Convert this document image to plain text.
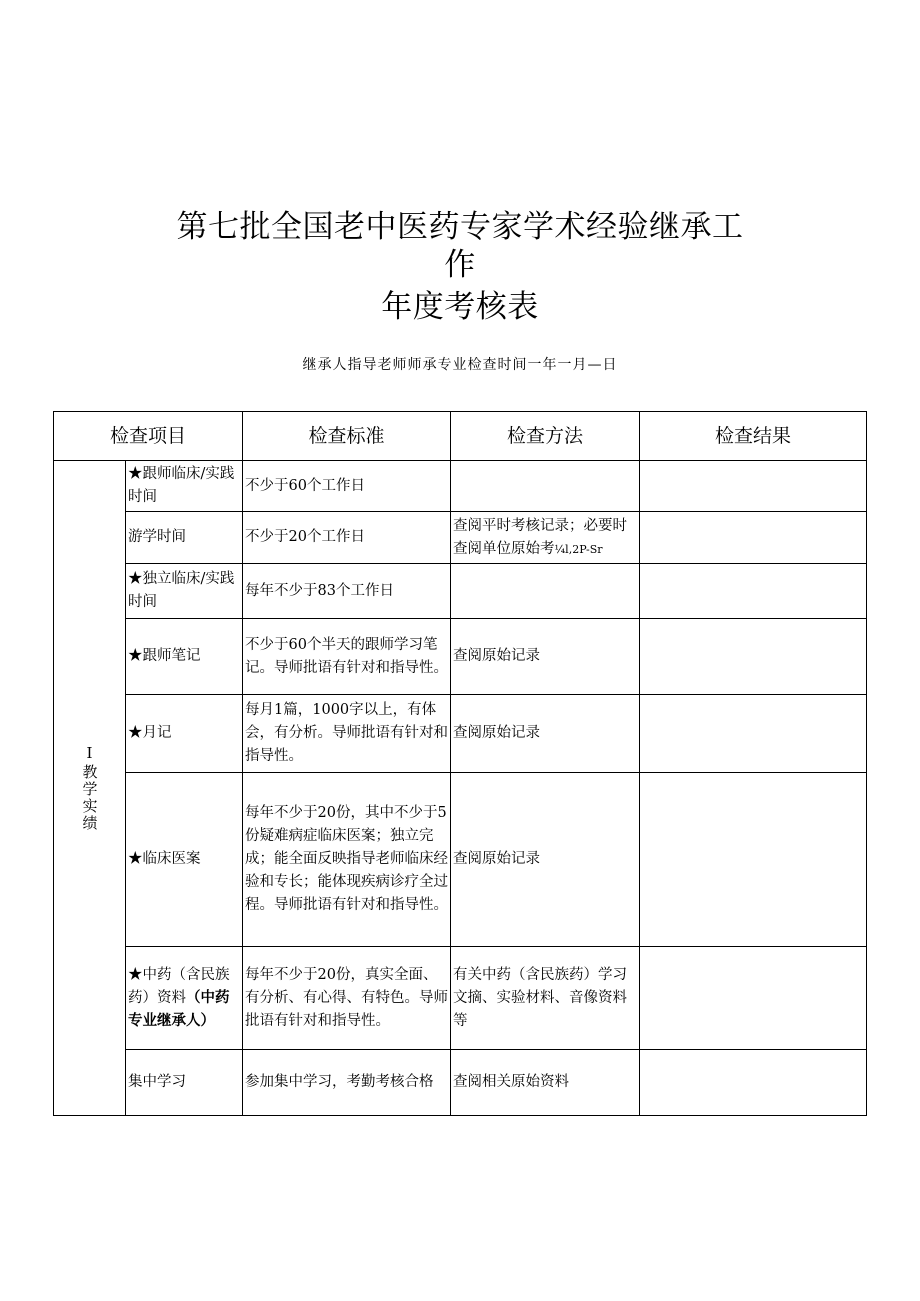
第七批全国老中医药专家学术经验继承工
作
年度考核表
继承人指导老师师承专业检查时间一年一月—日
检查项目		检查标准	检查方法	检查结果

I教学实绩	★跟师临床/实践时间	不少于60个工作日		
	游学时间	不少于20个工作日	查阅平时考核记录；必要时查阅单位原始考¼l,2P-Sr	
	★独立临床/实践时间	每年不少于83个工作日		
	★跟师笔记	不少于60个半天的跟师学习笔记。导师批语有针对和指导性。	查阅原始记录	
	★月记	每月1篇，1000字以上，有体会，有分析。导师批语有针对和指导性。	查阅原始记录	
	★临床医案	每年不少于20份，其中不少于5份疑难病症临床医案；独立完成；能全面反映指导老师临床经验和专长；能体现疾病诊疗全过程。导师批语有针对和指导性。	查阅原始记录	
	★中药（含民族药）资料（中药专业继承人）	每年不少于20份，真实全面、有分析、有心得、有特色。导师批语有针对和指导性。	有关中药（含民族药）学习文摘、实验材料、音像资料等	
	集中学习	参加集中学习，考勤考核合格	查阅相关原始资料	
